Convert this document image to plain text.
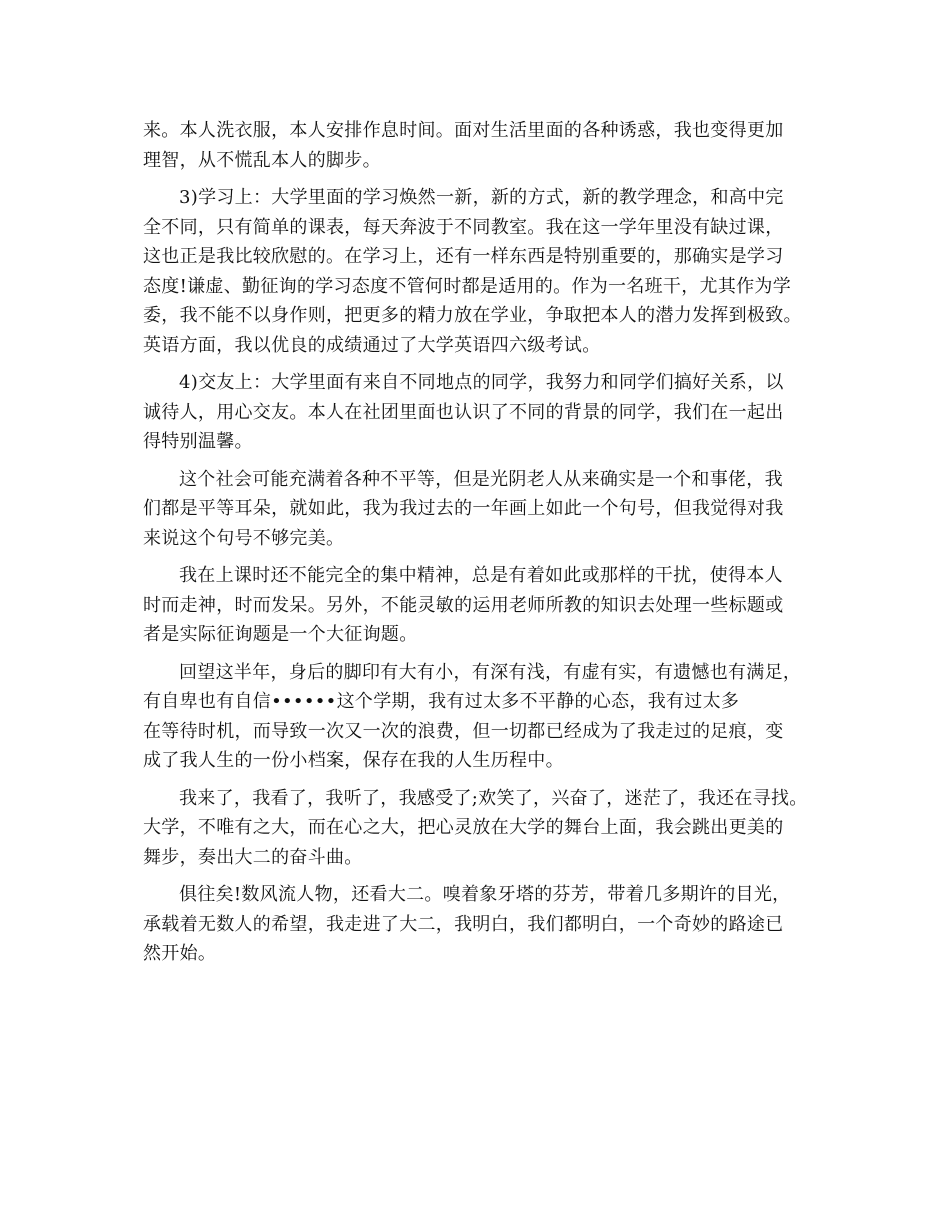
来。本人洗衣服，本人安排作息时间。面对生活里面的各种诱惑，我也变得更加
理智，从不慌乱本人的脚步。
3)学习上：大学里面的学习焕然一新，新的方式，新的教学理念，和高中完
全不同，只有简单的课表，每天奔波于不同教室。我在这一学年里没有缺过课，
这也正是我比较欣慰的。在学习上，还有一样东西是特别重要的，那确实是学习
态度!谦虚、勤征询的学习态度不管何时都是适用的。作为一名班干，尤其作为学
委，我不能不以身作则，把更多的精力放在学业，争取把本人的潜力发挥到极致。
英语方面，我以优良的成绩通过了大学英语四六级考试。
4)交友上：大学里面有来自不同地点的同学，我努力和同学们搞好关系，以
诚待人，用心交友。本人在社团里面也认识了不同的背景的同学，我们在一起出
得特别温馨。
这个社会可能充满着各种不平等，但是光阴老人从来确实是一个和事佬，我
们都是平等耳朵，就如此，我为我过去的一年画上如此一个句号，但我觉得对我
来说这个句号不够完美。
我在上课时还不能完全的集中精神，总是有着如此或那样的干扰，使得本人
时而走神，时而发呆。另外，不能灵敏的运用老师所教的知识去处理一些标题或
者是实际征询题是一个大征询题。
回望这半年，身后的脚印有大有小，有深有浅，有虚有实，有遗憾也有满足，
有自卑也有自信••••••这个学期，我有过太多不平静的心态，我有过太多
在等待时机，而导致一次又一次的浪费，但一切都已经成为了我走过的足痕，变
成了我人生的一份小档案，保存在我的人生历程中。
我来了，我看了，我听了，我感受了;欢笑了，兴奋了，迷茫了，我还在寻找。
大学，不唯有之大，而在心之大，把心灵放在大学的舞台上面，我会跳出更美的
舞步，奏出大二的奋斗曲。
俱往矣!数风流人物，还看大二。嗅着象牙塔的芬芳，带着几多期许的目光，
承载着无数人的希望，我走进了大二，我明白，我们都明白，一个奇妙的路途已
然开始。
